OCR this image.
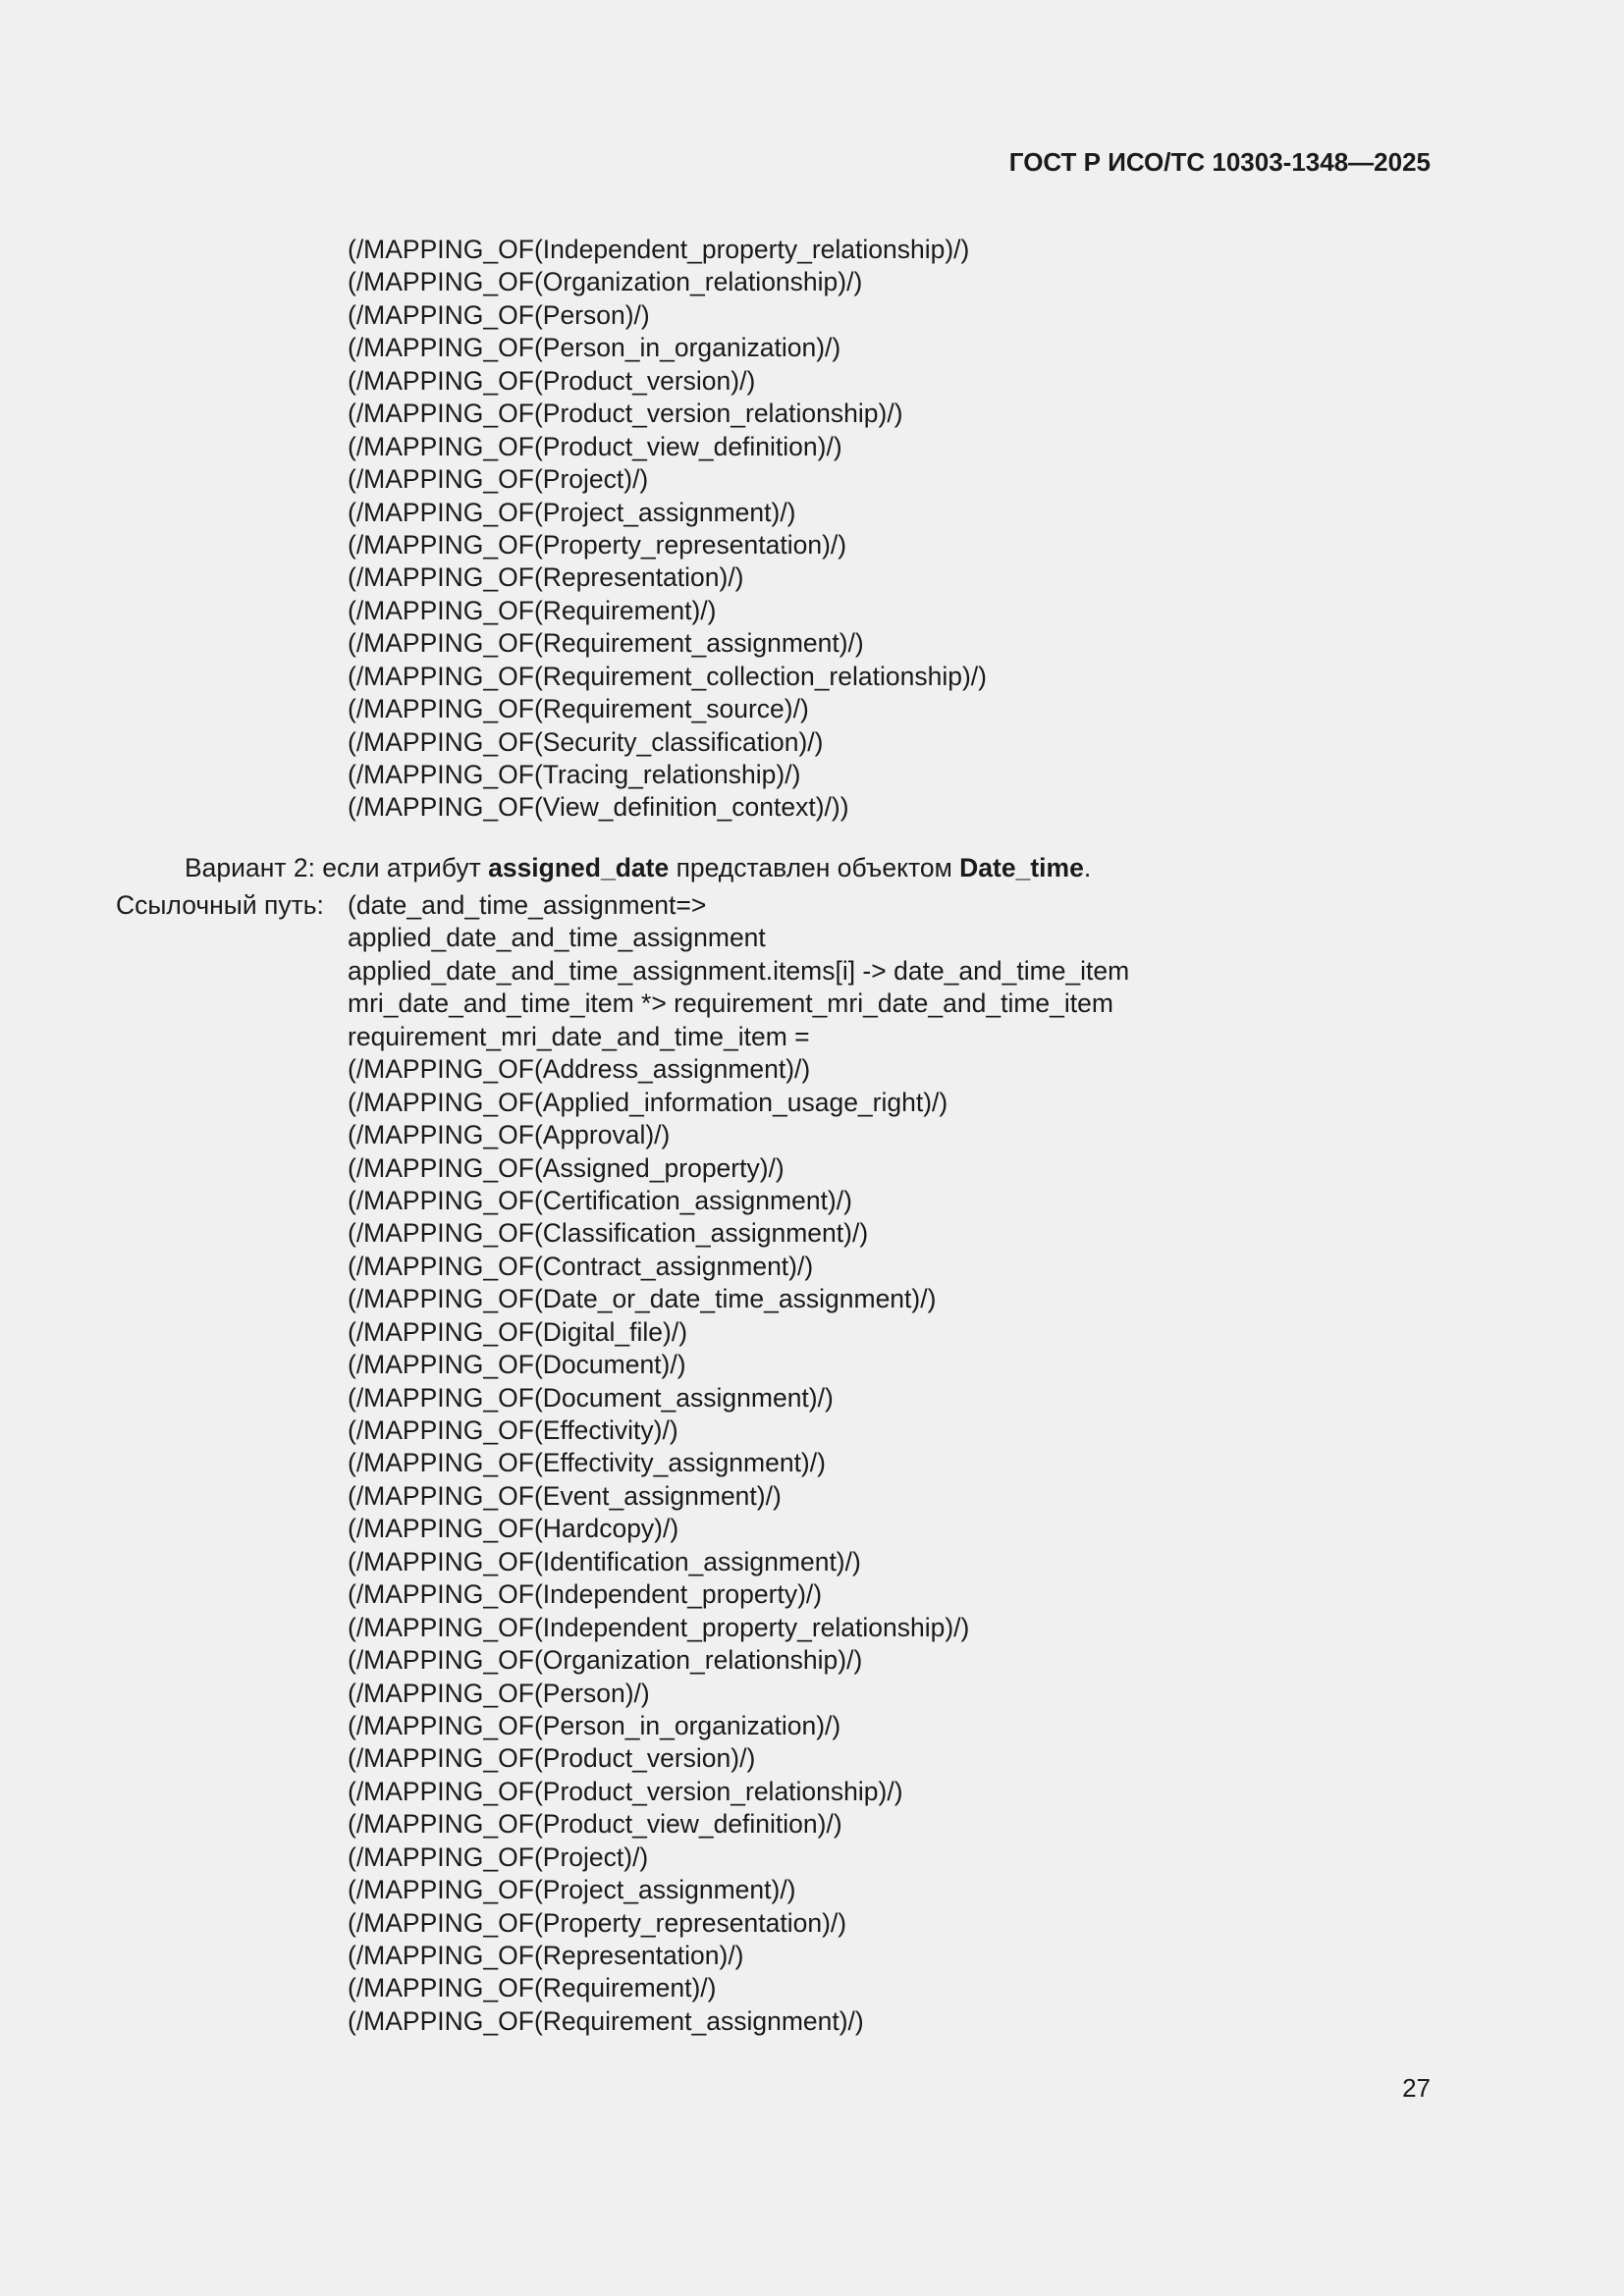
ГОСТ Р ИСО/ТС 10303-1348—2025
(/MAPPING_OF(Independent_property_relationship)/)
(/MAPPING_OF(Organization_relationship)/)
(/MAPPING_OF(Person)/)
(/MAPPING_OF(Person_in_organization)/)
(/MAPPING_OF(Product_version)/)
(/MAPPING_OF(Product_version_relationship)/)
(/MAPPING_OF(Product_view_definition)/)
(/MAPPING_OF(Project)/)
(/MAPPING_OF(Project_assignment)/)
(/MAPPING_OF(Property_representation)/)
(/MAPPING_OF(Representation)/)
(/MAPPING_OF(Requirement)/)
(/MAPPING_OF(Requirement_assignment)/)
(/MAPPING_OF(Requirement_collection_relationship)/)
(/MAPPING_OF(Requirement_source)/)
(/MAPPING_OF(Security_classification)/)
(/MAPPING_OF(Tracing_relationship)/)
(/MAPPING_OF(View_definition_context)/))
Вариант 2: если атрибут assigned_date представлен объектом Date_time.
Ссылочный путь: (date_and_time_assignment=>
applied_date_and_time_assignment
applied_date_and_time_assignment.items[i] -> date_and_time_item
mri_date_and_time_item *> requirement_mri_date_and_time_item
requirement_mri_date_and_time_item =
(/MAPPING_OF(Address_assignment)/)
(/MAPPING_OF(Applied_information_usage_right)/)
(/MAPPING_OF(Approval)/)
(/MAPPING_OF(Assigned_property)/)
(/MAPPING_OF(Certification_assignment)/)
(/MAPPING_OF(Classification_assignment)/)
(/MAPPING_OF(Contract_assignment)/)
(/MAPPING_OF(Date_or_date_time_assignment)/)
(/MAPPING_OF(Digital_file)/)
(/MAPPING_OF(Document)/)
(/MAPPING_OF(Document_assignment)/)
(/MAPPING_OF(Effectivity)/)
(/MAPPING_OF(Effectivity_assignment)/)
(/MAPPING_OF(Event_assignment)/)
(/MAPPING_OF(Hardcopy)/)
(/MAPPING_OF(Identification_assignment)/)
(/MAPPING_OF(Independent_property)/)
(/MAPPING_OF(Independent_property_relationship)/)
(/MAPPING_OF(Organization_relationship)/)
(/MAPPING_OF(Person)/)
(/MAPPING_OF(Person_in_organization)/)
(/MAPPING_OF(Product_version)/)
(/MAPPING_OF(Product_version_relationship)/)
(/MAPPING_OF(Product_view_definition)/)
(/MAPPING_OF(Project)/)
(/MAPPING_OF(Project_assignment)/)
(/MAPPING_OF(Property_representation)/)
(/MAPPING_OF(Representation)/)
(/MAPPING_OF(Requirement)/)
(/MAPPING_OF(Requirement_assignment)/)
27
